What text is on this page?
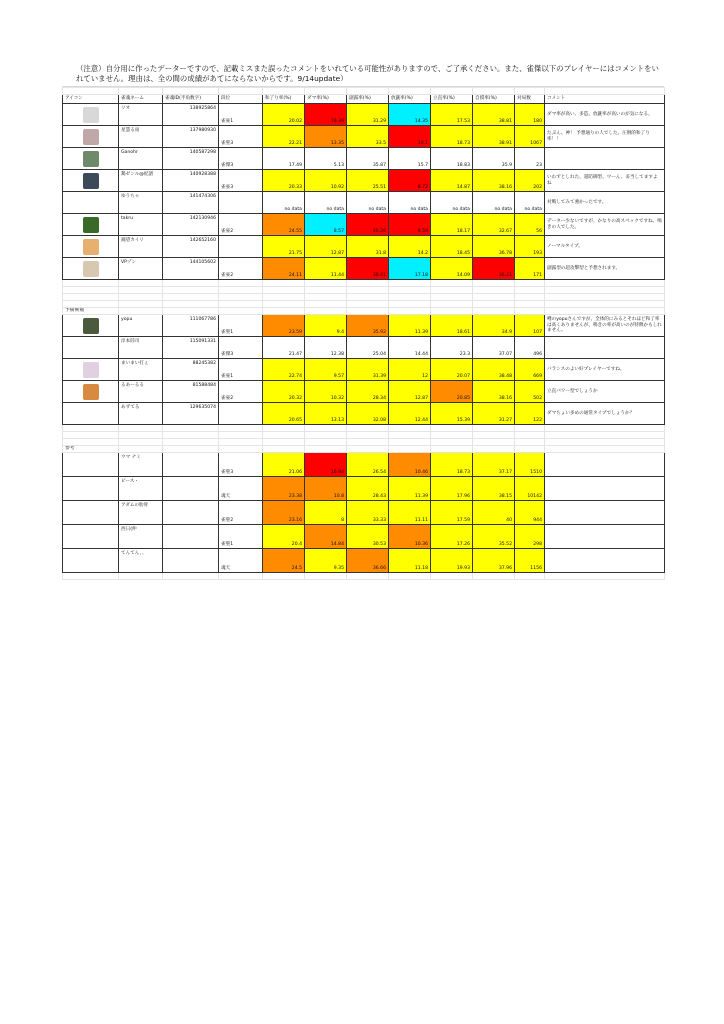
（注意）自分用に作ったデーターですので、記載ミスまた誤ったコメントをいれている可能性がありますので、ご了承ください。また、雀傑以下のプレイヤーにはコメントをいれていません。理由は、全の間の成績があてにならないからです。9/14update）

アイコン	雀魂ネーム	雀魂ID(半角数字)	段位	和了り率(%)	ダマ率(%)	副露率(%)	放銃率(%)	立直率(%)	自摸率(%)	対局数	コメント
	リオ	138925864	雀豪1	20.02	19.39	31.29	14.35	17.53	38.81	180	ダマ率が高い、多造。放銃率が高いのが気になる。
	星慧る雨	137980930	雀聖3	22.21	13.35	33.5	10.1	18.73	38.91	1067	たぶん、神！ 予想通りの人でした。圧倒的和了り率！！
	Ganohr	140587298	雀傑3	17.49	5.13	35.87	15.7	18.83	35.9	23	
	鶏ゼンル@紀譜	140928388	雀豪3	20.33	10.92	25.51	8.72	14.87	38.16	202	いわずとしれた、超防御型。ウーん、妥当してますよね
	ゆうちゃ	141474306		no data	no data	no data	no data	no data	no data	no data	対戦してみて強かったです。
	takru	142130946	雀豪2	24.55	8.57	40.26	9.59	18.17	32.67	56	データー少ないですが、かなりの高スペックですね。鳴きの人でした。
	錦望カイリ	142652160		21.75	12.87	31.8	14.2	18.45	36.78	193	ノーマルタイプ。
	VPゾン	144105602	雀豪2	24.11	11.44	38.41	17.18	14.09	36.21	171	副露型の超攻撃型と予想されます。

予備候補											
	yopu	111067786	雀聖1	23.59	9.4	35.92	11.39	18.61	34.9	107	噂のyopuさんですが、全体的にみるとそれほど和了率は高くありませんが、鳴きの率が高いのが特徴かもしれません。
	岸本陸司	115091331	雀傑3	21.47	12.38	25.04	14.44	23.3	37.07	496	
	まいまい打ぇ	88245382	雀豪1	22.74	9.57	31.39	12	20.07	38.48	669	バランスのよい好プレイヤーですね。
	るあーるる	81588484	雀豪2	20.32	10.32	28.34	12.87	20.85	38.16	502	立直パワー型でしょうか
	あずてる	129635074		20.65	13.13	32.08	12.44	15.39	31.27	122	ダマちょい多めの通常タイプでしょうか？

参考											
	ウマ ナミ		雀聖3	21.06	16.94	26.54	10.46	18.73	37.17	1510	
	ピース・		魂天	23.38	10.8	28.43	11.39	17.96	38.15	10142	
	アダムの肋骨		雀聖2	23.16	8	33.33	11.11	17.59	40	944	
	西日(仲		雀聖1	20.4	14.84	30.53	10.36	17.26	35.52	298	
	てんてん、、		魂天	24.5	9.35	36.66	11.18	19.93	37.96	1156	
